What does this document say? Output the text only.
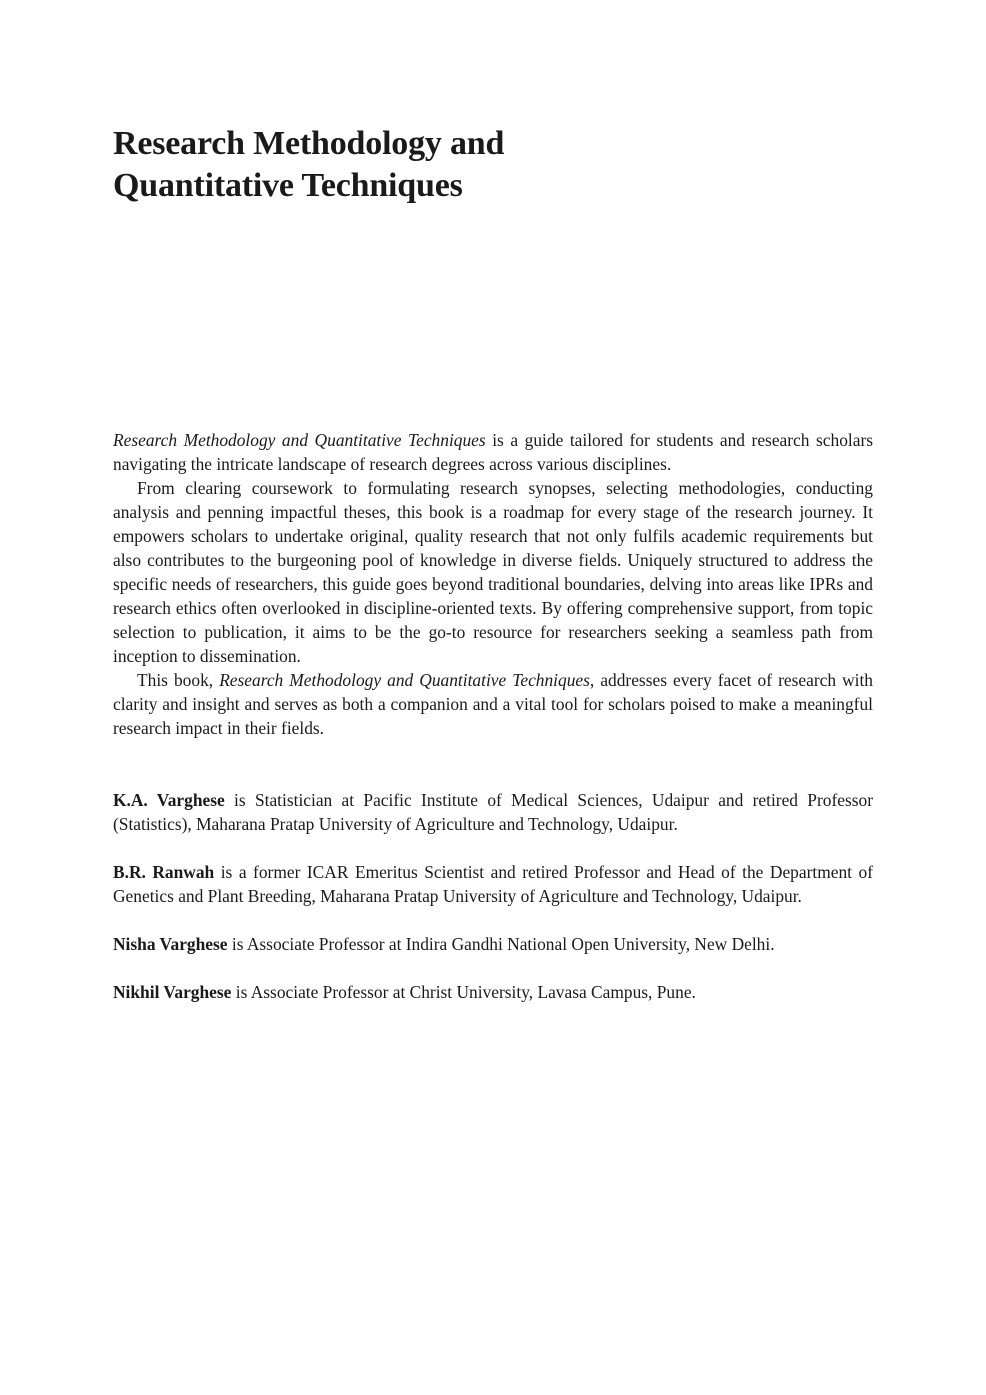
Research Methodology and
Quantitative Techniques

Research Methodology and Quantitative Techniques is a guide tailored for students and research scholars navigating the intricate landscape of research degrees across various disciplines.

From clearing coursework to formulating research synopses, selecting methodologies, conducting analysis and penning impactful theses, this book is a roadmap for every stage of the research journey. It empowers scholars to undertake original, quality research that not only fulfils academic requirements but also contributes to the burgeoning pool of knowledge in diverse fields. Uniquely structured to address the specific needs of researchers, this guide goes beyond traditional boundaries, delving into areas like IPRs and research ethics often overlooked in discipline-oriented texts. By offering comprehensive support, from topic selection to publication, it aims to be the go-to resource for researchers seeking a seamless path from inception to dissemination.

This book, Research Methodology and Quantitative Techniques, addresses every facet of research with clarity and insight and serves as both a companion and a vital tool for scholars poised to make a meaningful research impact in their fields.

K.A. Varghese is Statistician at Pacific Institute of Medical Sciences, Udaipur and retired Professor (Statistics), Maharana Pratap University of Agriculture and Technology, Udaipur.

B.R. Ranwah is a former ICAR Emeritus Scientist and retired Professor and Head of the Department of Genetics and Plant Breeding, Maharana Pratap University of Agriculture and Technology, Udaipur.

Nisha Varghese is Associate Professor at Indira Gandhi National Open University, New Delhi.

Nikhil Varghese is Associate Professor at Christ University, Lavasa Campus, Pune.
